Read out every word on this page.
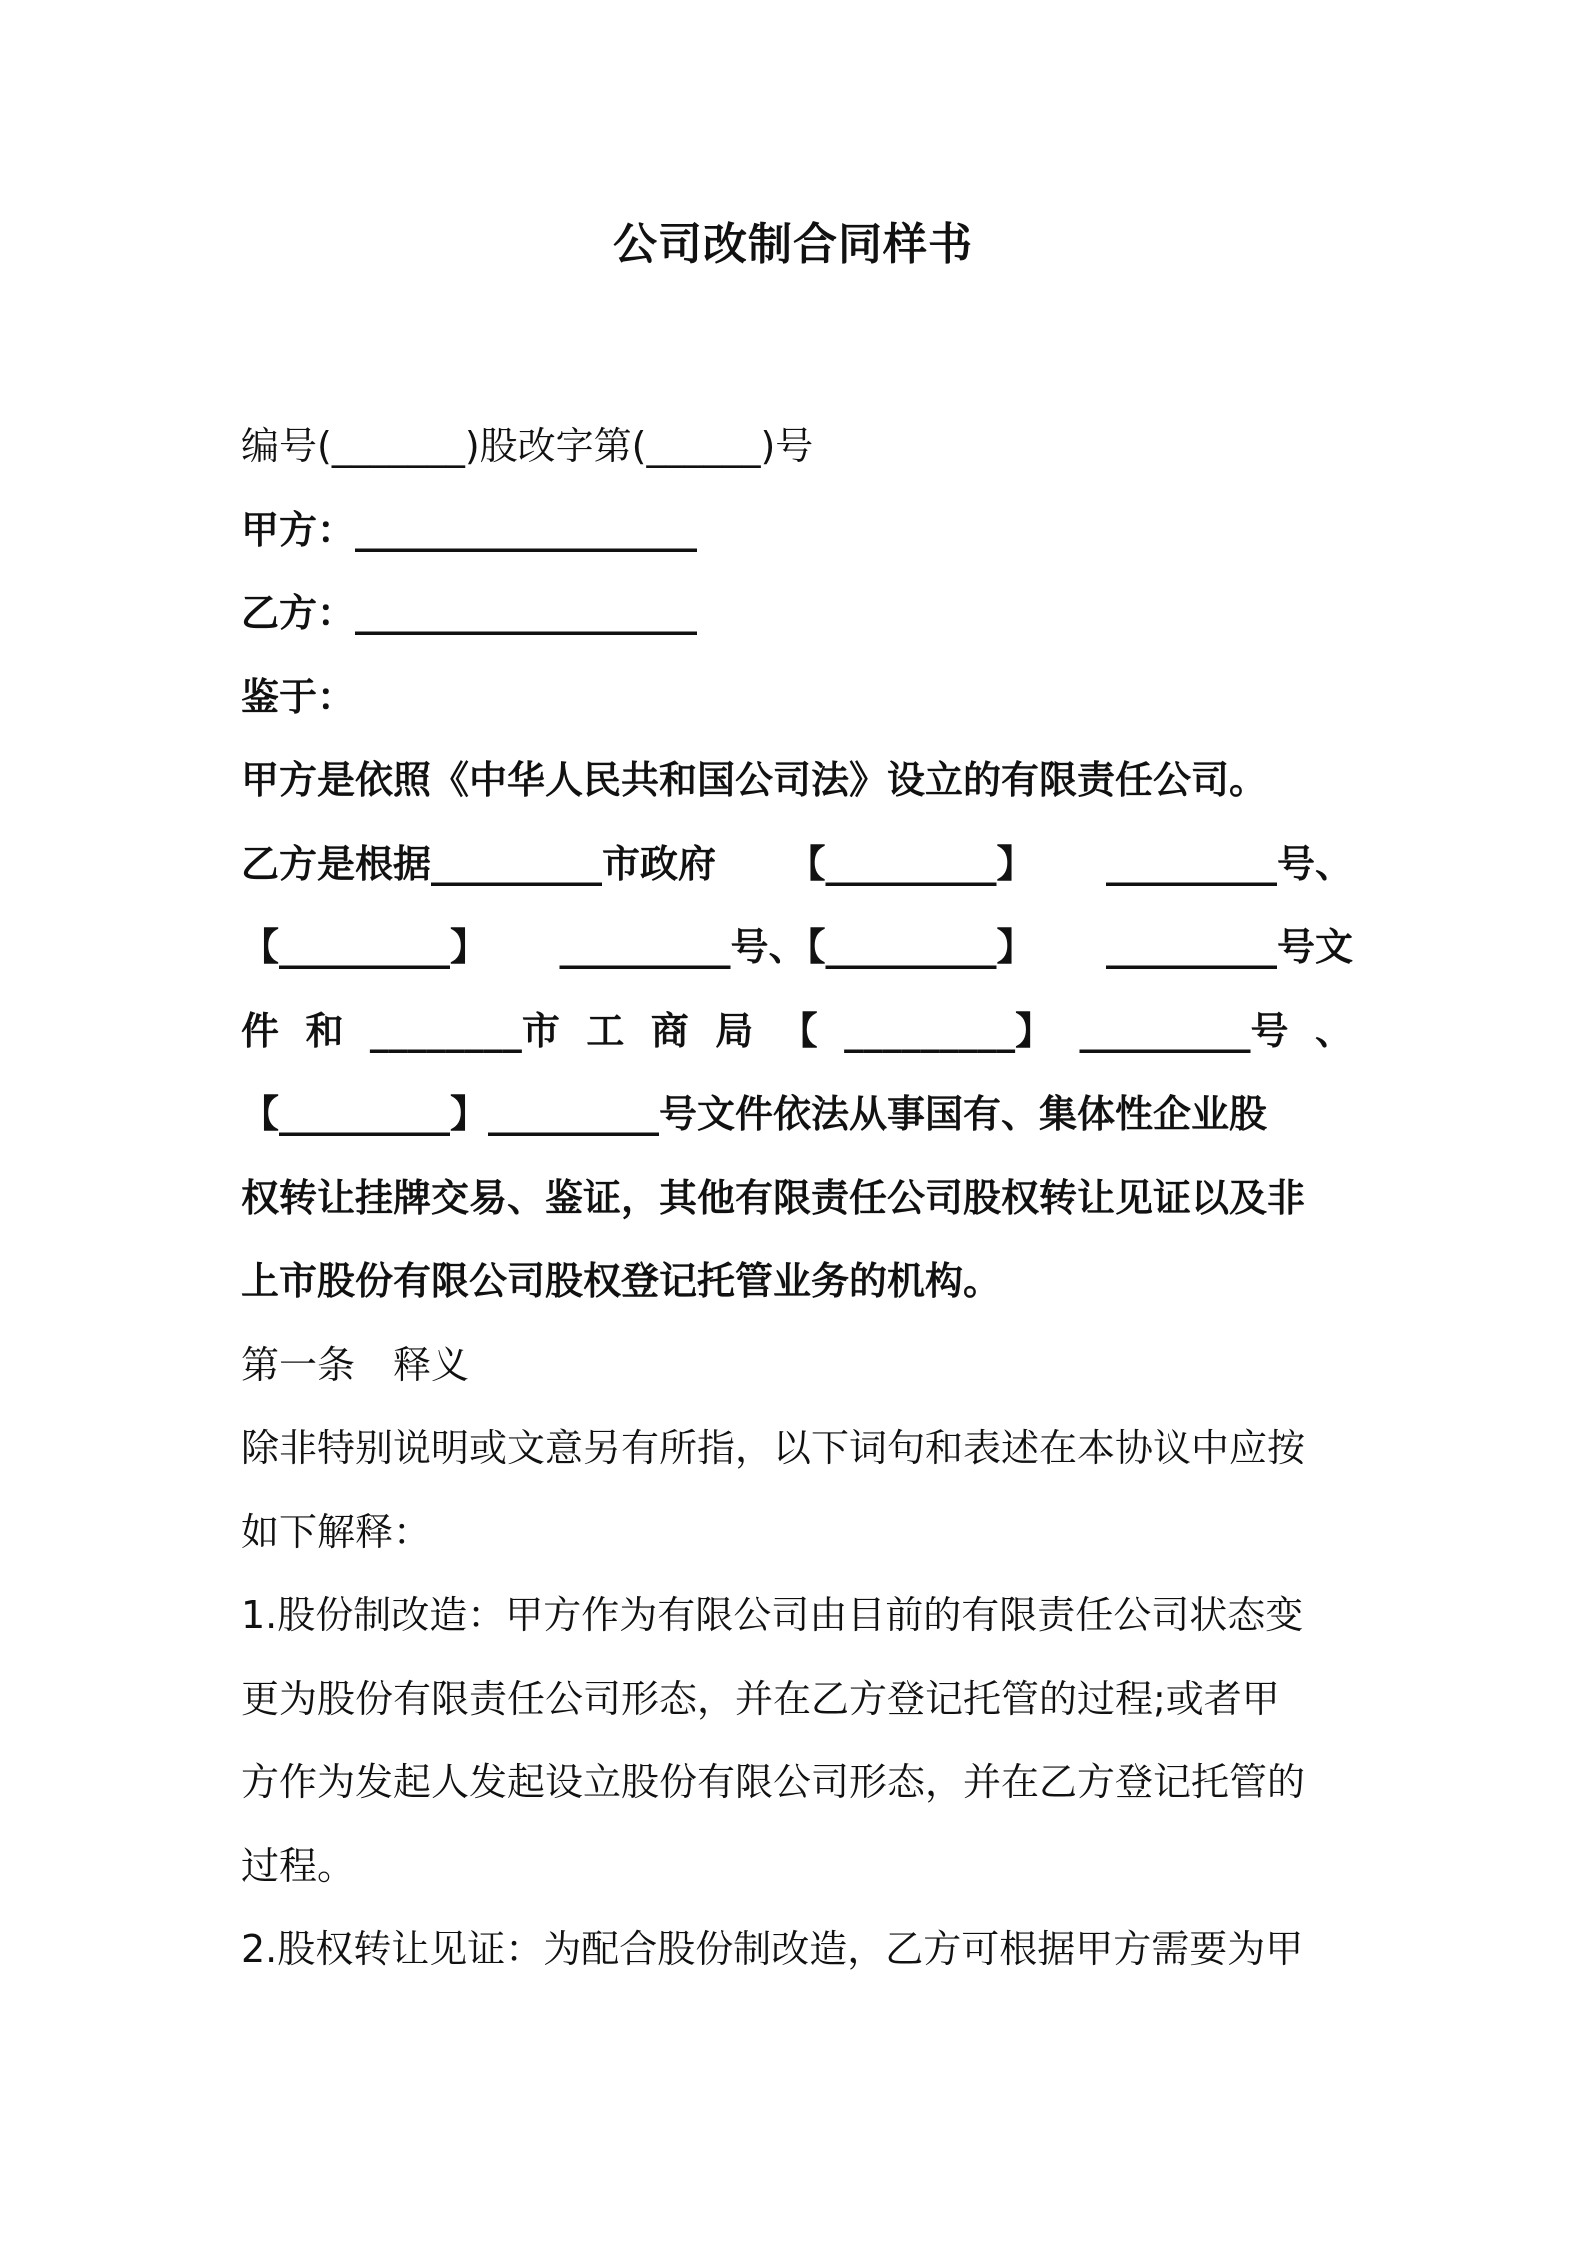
公司改制合同样书
编号(_______)股改字第(______)号
甲方：__________________
乙方：__________________
鉴于：
甲方是依照《中华人民共和国公司法》设立的有限责任公司。
乙方是根据_________市政府 【_________】 _________号、
【_________】 _________号、【_________】 _________号文
件 和 ________市 工 商 局 【 _________】 _________号 、
【_________】_________号文件依法从事国有、集体性企业股
权转让挂牌交易、鉴证，其他有限责任公司股权转让见证以及非
上市股份有限公司股权登记托管业务的机构。
第一条　释义
除非特别说明或文意另有所指，以下词句和表述在本协议中应按
如下解释：
1.股份制改造：甲方作为有限公司由目前的有限责任公司状态变
更为股份有限责任公司形态，并在乙方登记托管的过程;或者甲
方作为发起人发起设立股份有限公司形态，并在乙方登记托管的
过程。
2.股权转让见证：为配合股份制改造，乙方可根据甲方需要为甲
